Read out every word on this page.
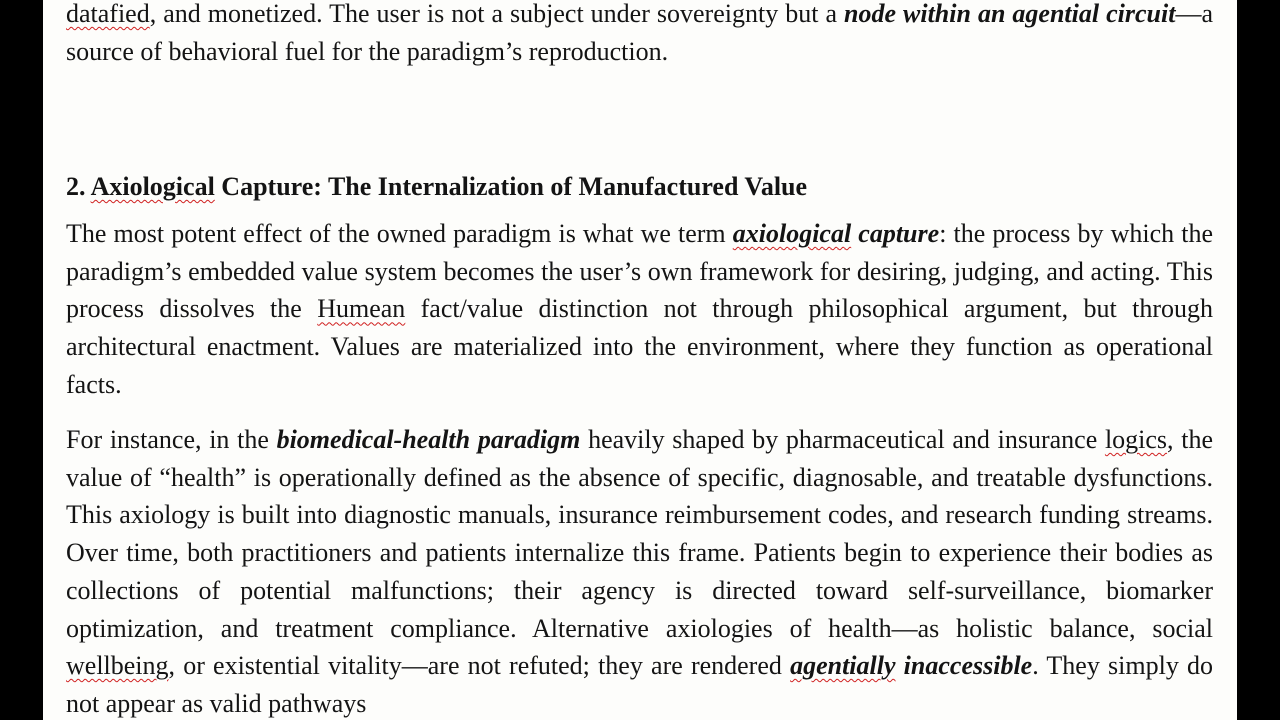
datafied, and monetized. The user is not a subject under sovereignty but a node within an agential circuit—a source of behavioral fuel for the paradigm’s reproduction.

2. Axiological Capture: The Internalization of Manufactured Value

The most potent effect of the owned paradigm is what we term axiological capture: the process by which the paradigm’s embedded value system becomes the user’s own framework for desiring, judging, and acting. This process dissolves the Humean fact/value distinction not through philosophical argument, but through architectural enactment. Values are materialized into the environment, where they function as operational facts.

For instance, in the biomedical-health paradigm heavily shaped by pharmaceutical and insurance logics, the value of “health” is operationally defined as the absence of specific, diagnosable, and treatable dysfunctions. This axiology is built into diagnostic manuals, insurance reimbursement codes, and research funding streams. Over time, both practitioners and patients internalize this frame. Patients begin to experience their bodies as collections of potential malfunctions; their agency is directed toward self-surveillance, biomarker optimization, and treatment compliance. Alternative axiologies of health—as holistic balance, social wellbeing, or existential vitality—are not refuted; they are rendered agentially inaccessible. They simply do not appear as valid pathways
